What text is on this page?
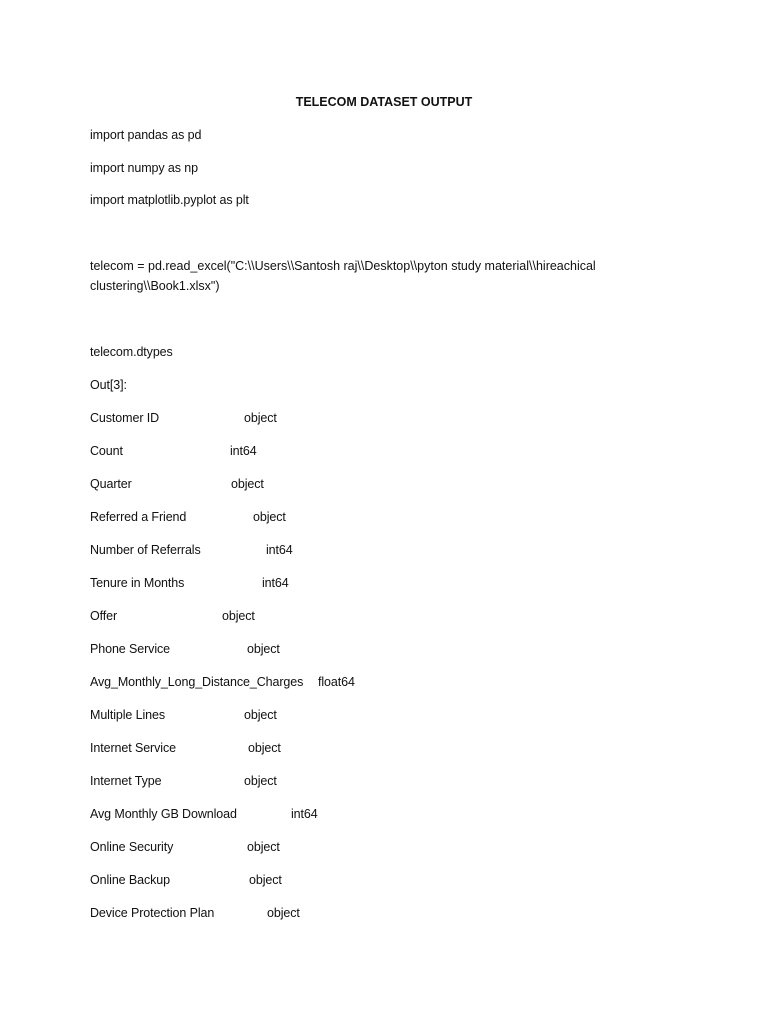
TELECOM DATASET OUTPUT
import pandas as pd
import numpy as np
import matplotlib.pyplot as plt
telecom = pd.read_excel("C:\\Users\\Santosh raj\\Desktop\\pyton study material\\hireachical clustering\\Book1.xlsx")
telecom.dtypes
Out[3]:
Customer ID	object
Count	int64
Quarter	object
Referred a Friend	object
Number of Referrals	int64
Tenure in Months	int64
Offer	object
Phone Service	object
Avg_Monthly_Long_Distance_Charges float64
Multiple Lines	object
Internet Service	object
Internet Type	object
Avg Monthly GB Download	int64
Online Security	object
Online Backup	object
Device Protection Plan	object
